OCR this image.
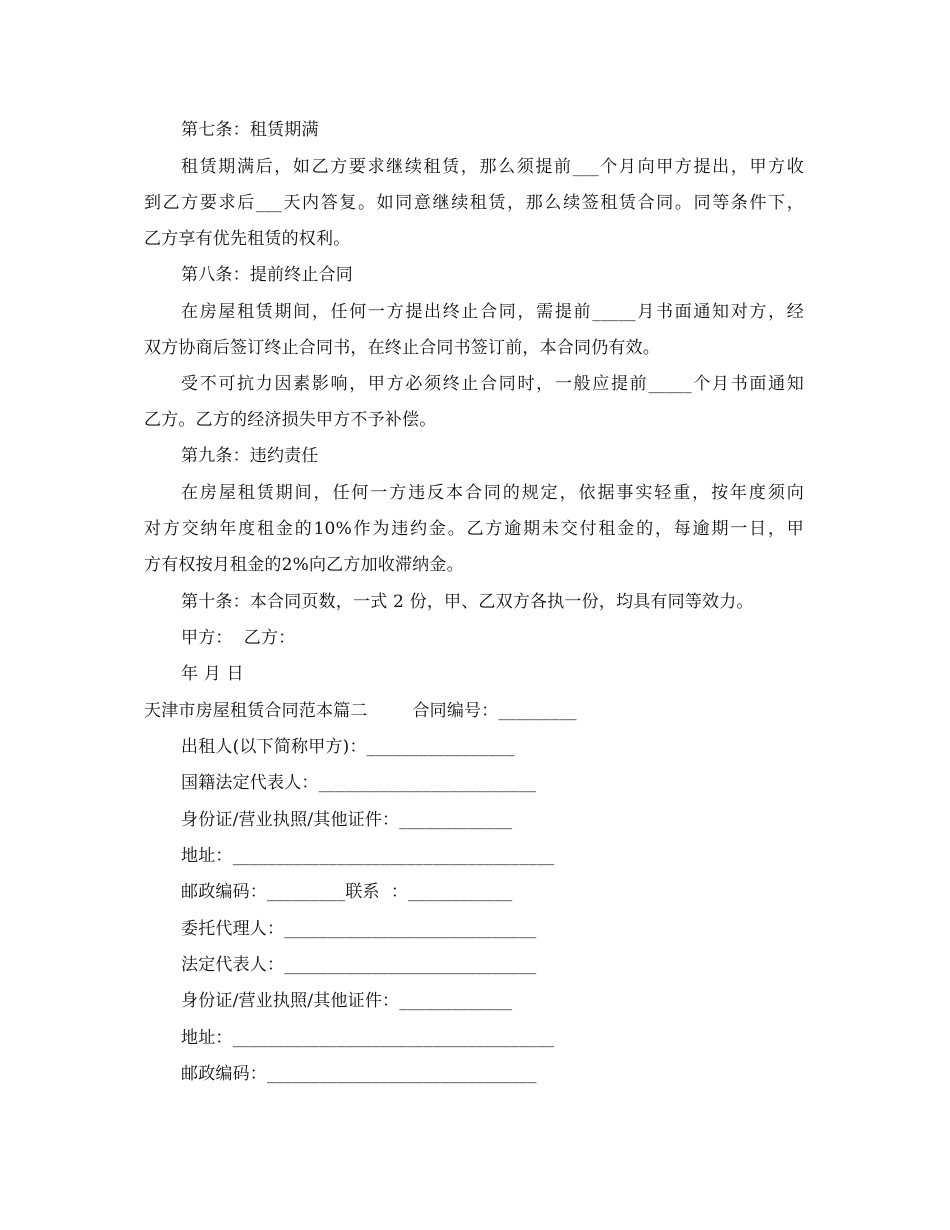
第七条：租赁期满
租赁期满后，如乙方要求继续租赁，那么须提前___个月向甲方提出，甲方收
到乙方要求后___天内答复。如同意继续租赁，那么续签租赁合同。同等条件下，
乙方享有优先租赁的权利。
第八条：提前终止合同
在房屋租赁期间，任何一方提出终止合同，需提前_____月书面通知对方，经
双方协商后签订终止合同书，在终止合同书签订前，本合同仍有效。
受不可抗力因素影响，甲方必须终止合同时，一般应提前_____个月书面通知
乙方。乙方的经济损失甲方不予补偿。
第九条：违约责任
在房屋租赁期间，任何一方违反本合同的规定，依据事实轻重，按年度须向
对方交纳年度租金的10%作为违约金。乙方逾期未交付租金的，每逾期一日，甲
方有权按月租金的2%向乙方加收滞纳金。
第十条：本合同页数，一式 2 份，甲、乙双方各执一份，均具有同等效力。
甲方：  乙方：
年 月 日
天津市房屋租赁合同范本篇二        合同编号：_________
出租人(以下简称甲方)：_________________
国籍法定代表人：_________________________
身份证/营业执照/其他证件：_____________
地址：_____________________________________
邮政编码：_________联系  ：____________
委托代理人：_____________________________
法定代表人：_____________________________
身份证/营业执照/其他证件：_____________
地址：_____________________________________
邮政编码：_______________________________
